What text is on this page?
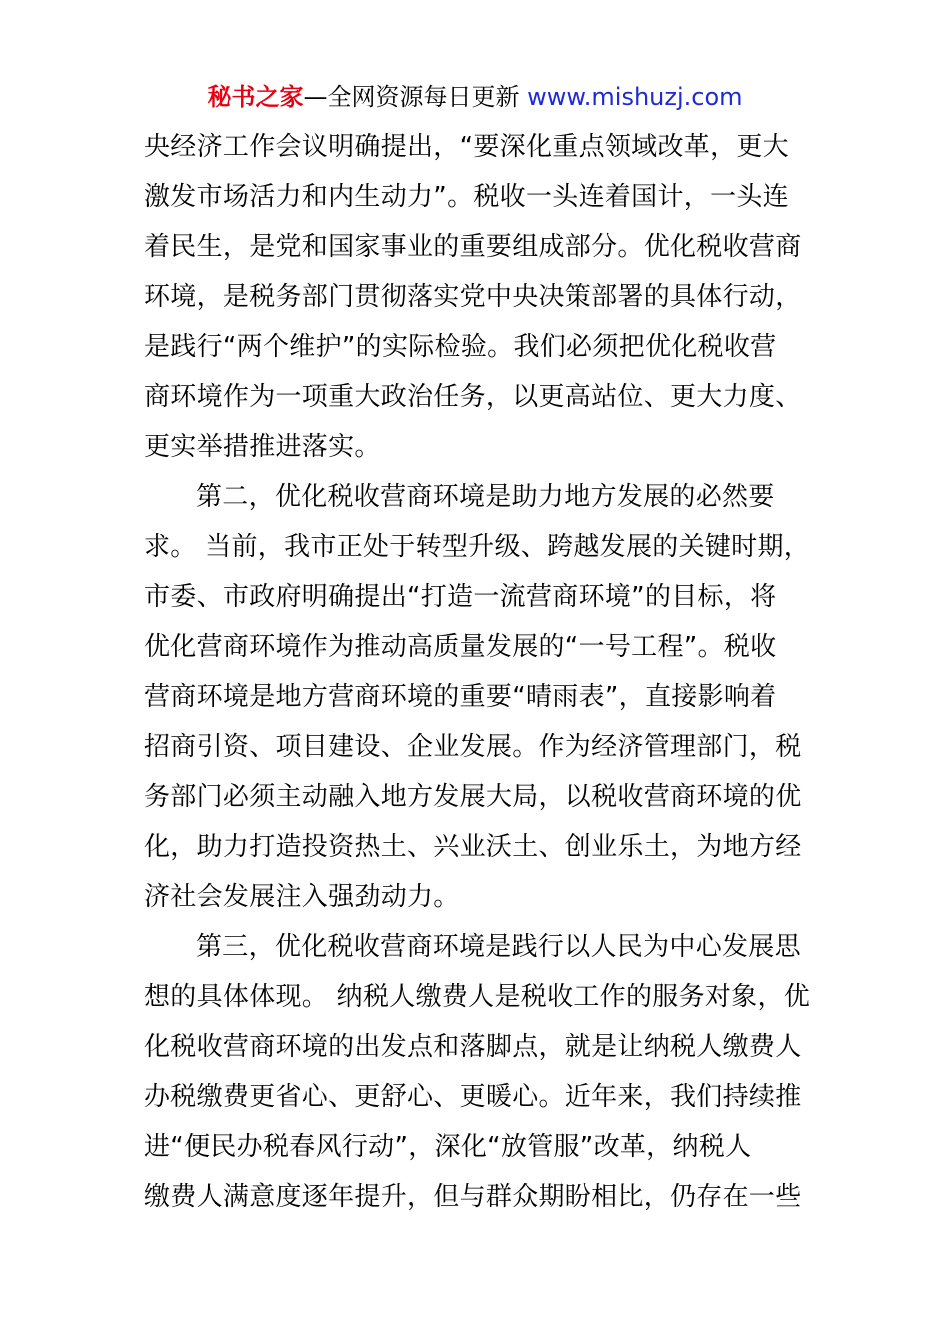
秘书之家—全网资源每日更新 www.mishuzj.com
央经济工作会议明确提出，“要深化重点领域改革，更大
激发市场活力和内生动力”。税收一头连着国计，一头连
着民生，是党和国家事业的重要组成部分。优化税收营商
环境，是税务部门贯彻落实党中央决策部署的具体行动，
是践行“两个维护”的实际检验。我们必须把优化税收营
商环境作为一项重大政治任务，以更高站位、更大力度、
更实举措推进落实。
第二，优化税收营商环境是助力地方发展的必然要
求。 当前，我市正处于转型升级、跨越发展的关键时期，
市委、市政府明确提出“打造一流营商环境”的目标，将
优化营商环境作为推动高质量发展的“一号工程”。税收
营商环境是地方营商环境的重要“晴雨表”，直接影响着
招商引资、项目建设、企业发展。作为经济管理部门，税
务部门必须主动融入地方发展大局，以税收营商环境的优
化，助力打造投资热土、兴业沃土、创业乐土，为地方经
济社会发展注入强劲动力。
第三，优化税收营商环境是践行以人民为中心发展思
想的具体体现。 纳税人缴费人是税收工作的服务对象，优
化税收营商环境的出发点和落脚点，就是让纳税人缴费人
办税缴费更省心、更舒心、更暖心。近年来，我们持续推
进“便民办税春风行动”，深化“放管服”改革，纳税人
缴费人满意度逐年提升，但与群众期盼相比，仍存在一些
